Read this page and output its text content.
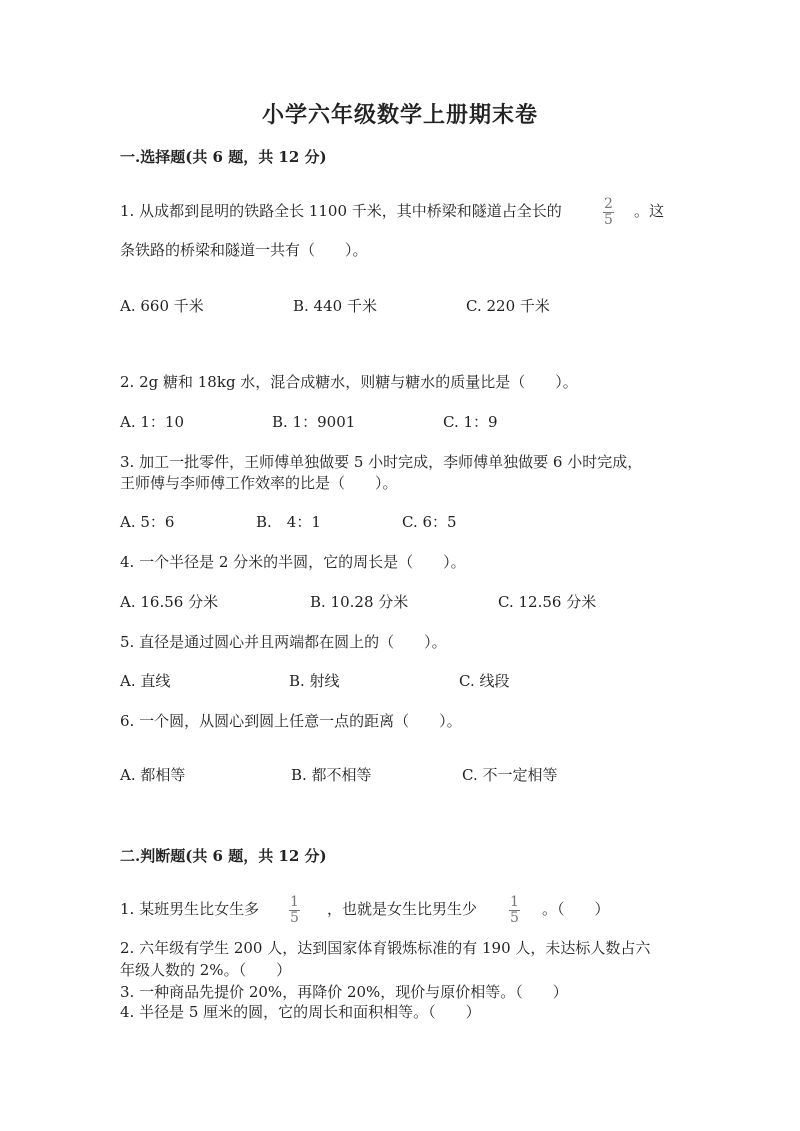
小学六年级数学上册期末卷
一.选择题(共 6 题，共 12 分)
1. 从成都到昆明的铁路全长 1100 千米，其中桥梁和隧道占全长的	$\frac{2}{5}$ 。这
条铁路的桥梁和隧道一共有（　　）。
A. 660 千米	B. 440 千米	C. 220 千米
2. 2g 糖和 18kg 水，混合成糖水，则糖与糖水的质量比是（　　）。
A. 1：10	B. 1：9001	C. 1：9
3. 加工一批零件，王师傅单独做要 5 小时完成，李师傅单独做要 6 小时完成，
王师傅与李师傅工作效率的比是（　　）。
A. 5：6	B.　4：1	C. 6：5
4. 一个半径是 2 分米的半圆，它的周长是（　　）。
A. 16.56 分米	B. 10.28 分米	C. 12.56 分米
5. 直径是通过圆心并且两端都在圆上的（　　）。
A. 直线	B. 射线	C. 线段
6. 一个圆，从圆心到圆上任意一点的距离（　　）。
A. 都相等	B. 都不相等	C. 不一定相等
二.判断题(共 6 题，共 12 分)
1. 某班男生比女生多 $\frac{1}{5}$ ，也就是女生比男生少 $\frac{1}{5}$ 。（　　）
2. 六年级有学生 200 人，达到国家体育锻炼标准的有 190 人，未达标人数占六
年级人数的 2%。（　　）
3. 一种商品先提价 20%，再降价 20%，现价与原价相等。（　　）
4. 半径是 5 厘米的圆，它的周长和面积相等。（　　）
